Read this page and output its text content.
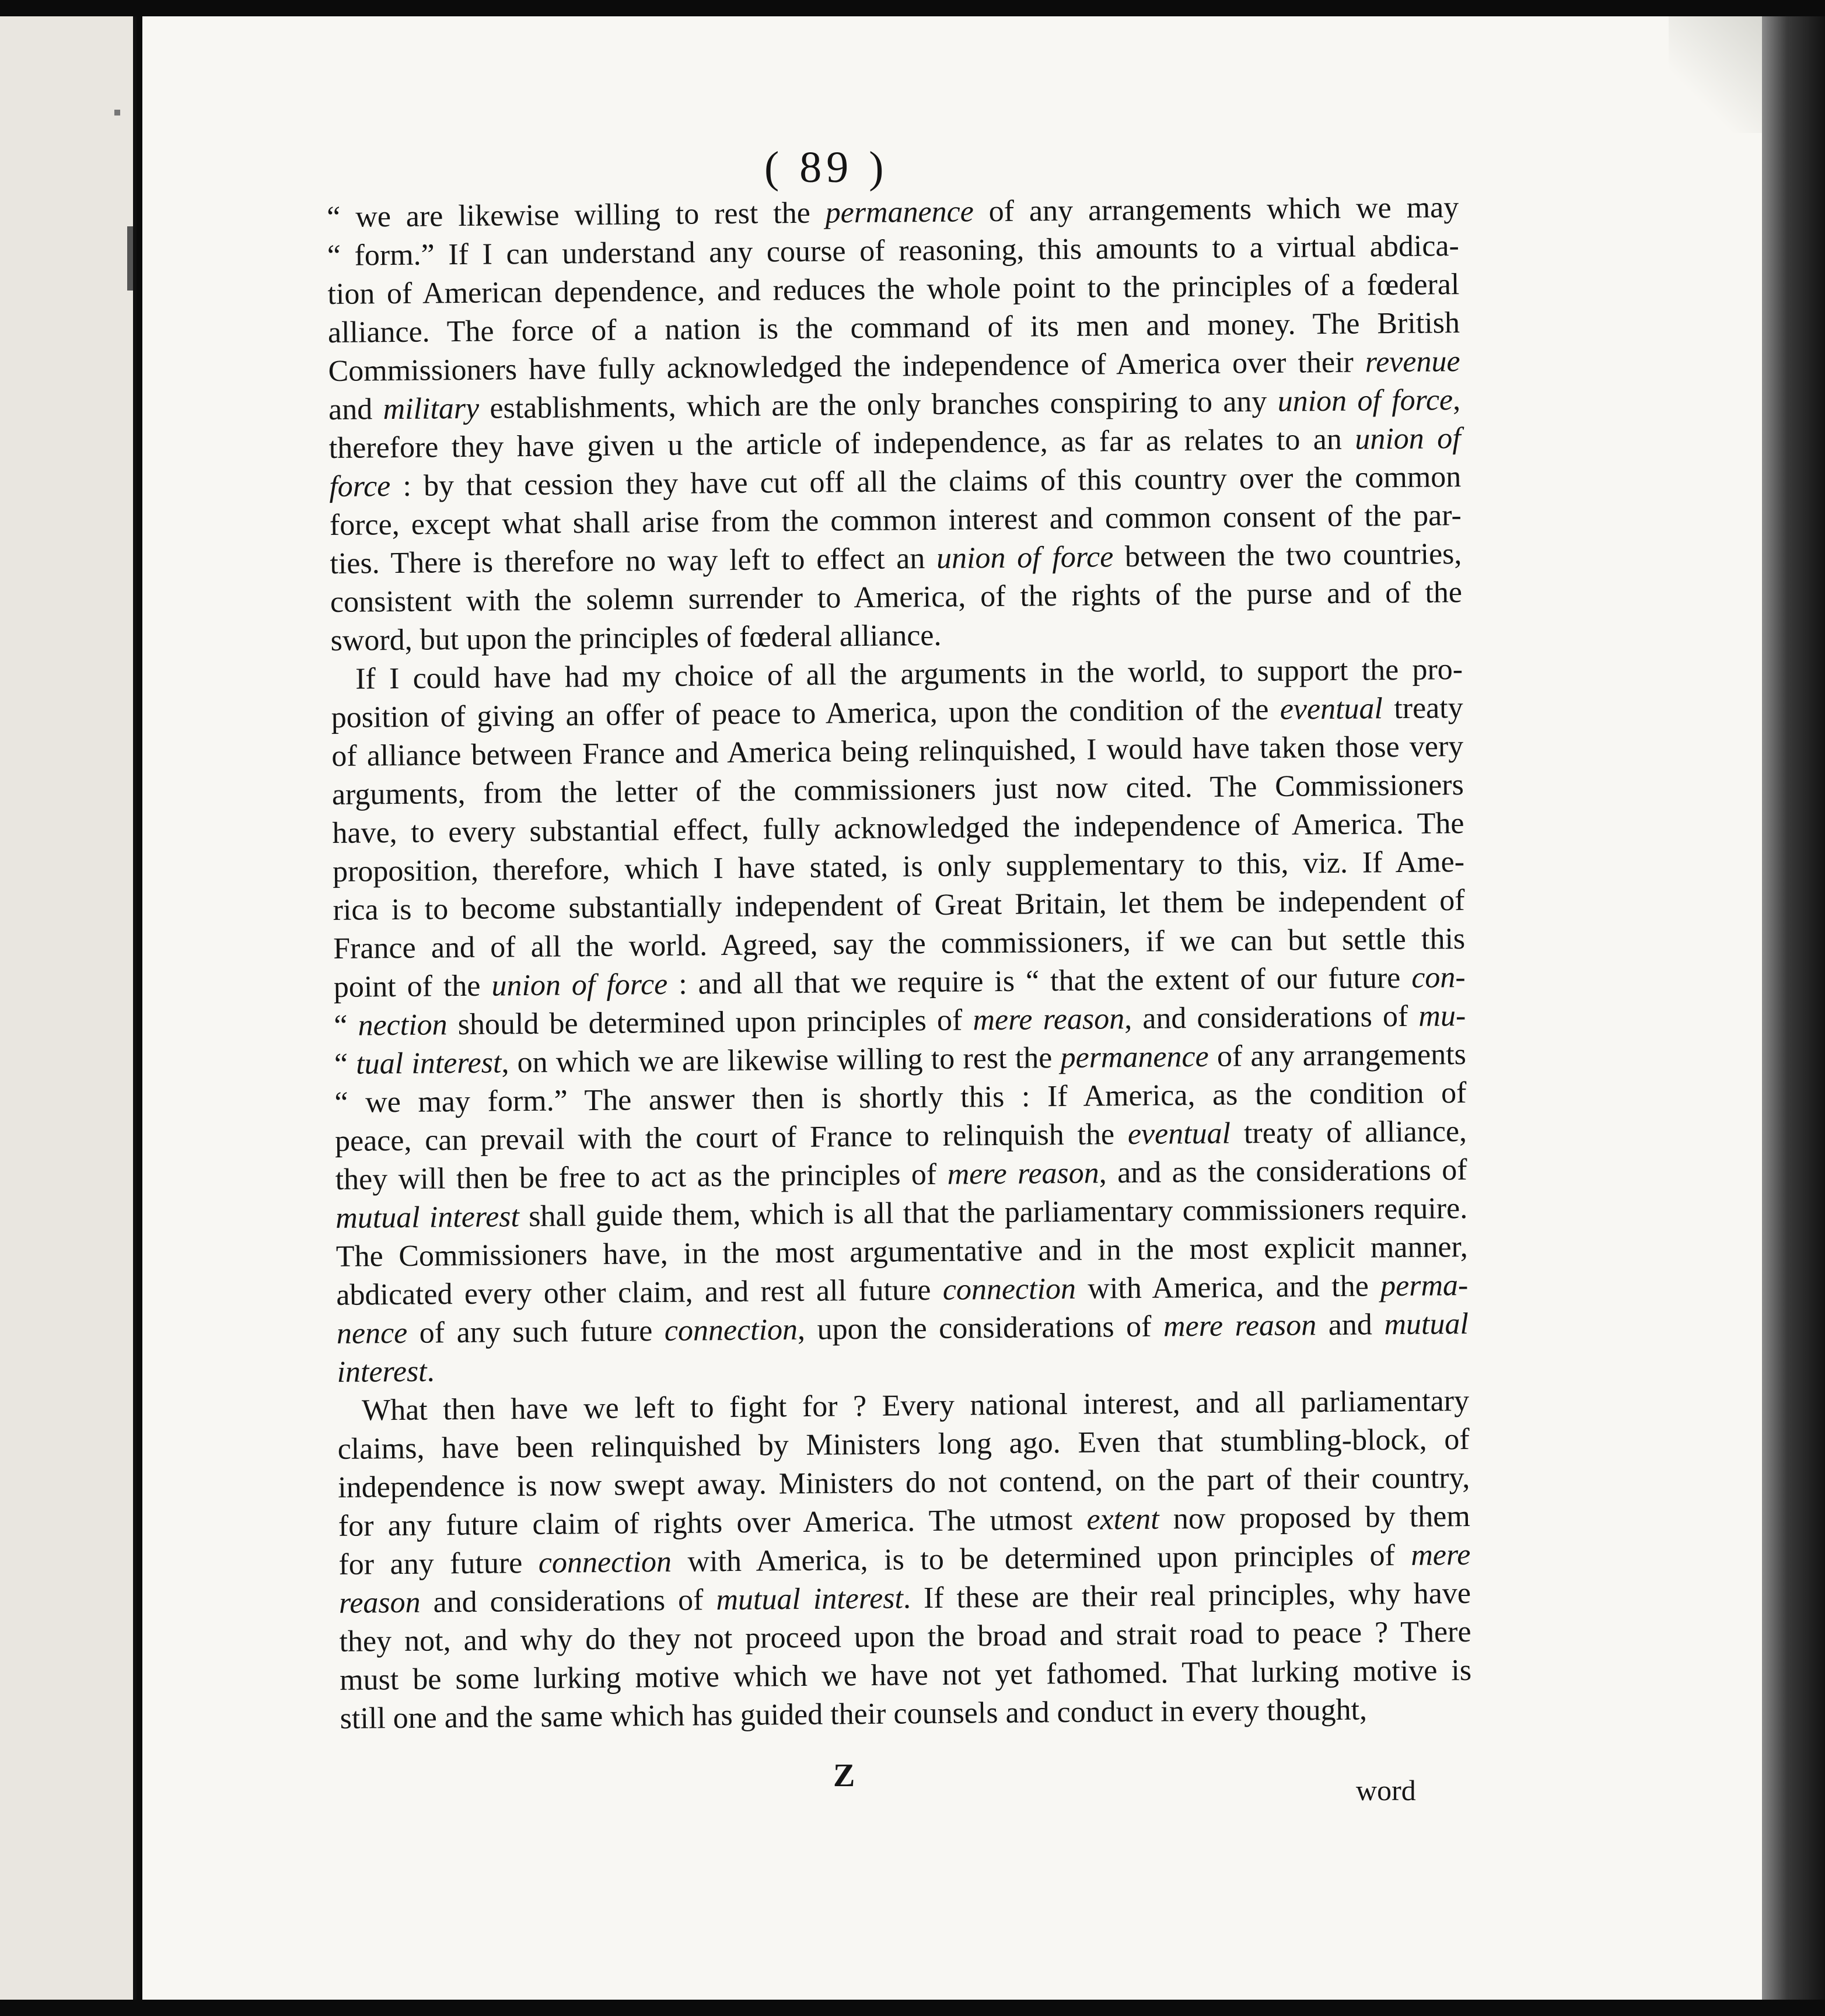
( 89 )
“ we are likewise willing to rest the permanence of any arrangements which we may
“ form.” If I can understand any course of reasoning, this amounts to a virtual abdica-
tion of American dependence, and reduces the whole point to the principles of a fœderal
alliance. The force of a nation is the command of its men and money. The British
Commissioners have fully acknowledged the independence of America over their revenue
and military establishments, which are the only branches conspiring to any union of force,
therefore they have given u the article of independence, as far as relates to an union of
force : by that cession they have cut off all the claims of this country over the common
force, except what shall arise from the common interest and common consent of the par-
ties. There is therefore no way left to effect an union of force between the two countries,
consistent with the solemn surrender to America, of the rights of the purse and of the
sword, but upon the principles of fœderal alliance.
If I could have had my choice of all the arguments in the world, to support the pro-
position of giving an offer of peace to America, upon the condition of the eventual treaty
of alliance between France and America being relinquished, I would have taken those very
arguments, from the letter of the commissioners just now cited. The Commissioners
have, to every substantial effect, fully acknowledged the independence of America. The
proposition, therefore, which I have stated, is only supplementary to this, viz. If Ame-
rica is to become substantially independent of Great Britain, let them be independent of
France and of all the world. Agreed, say the commissioners, if we can but settle this
point of the union of force : and all that we require is “ that the extent of our future con-
“ nection should be determined upon principles of mere reason, and considerations of mu-
“ tual interest, on which we are likewise willing to rest the permanence of any arrangements
“ we may form.” The answer then is shortly this : If America, as the condition of
peace, can prevail with the court of France to relinquish the eventual treaty of alliance,
they will then be free to act as the principles of mere reason, and as the considerations of
mutual interest shall guide them, which is all that the parliamentary commissioners require.
The Commissioners have, in the most argumentative and in the most explicit manner,
abdicated every other claim, and rest all future connection with America, and the perma-
nence of any such future connection, upon the considerations of mere reason and mutual
interest.
What then have we left to fight for ? Every national interest, and all parliamentary
claims, have been relinquished by Ministers long ago. Even that stumbling-block, of
independence is now swept away. Ministers do not contend, on the part of their country,
for any future claim of rights over America. The utmost extent now proposed by them
for any future connection with America, is to be determined upon principles of mere
reason and considerations of mutual interest. If these are their real principles, why have
they not, and why do they not proceed upon the broad and strait road to peace ? There
must be some lurking motive which we have not yet fathomed. That lurking motive is
still one and the same which has guided their counsels and conduct in every thought,
Z	word
